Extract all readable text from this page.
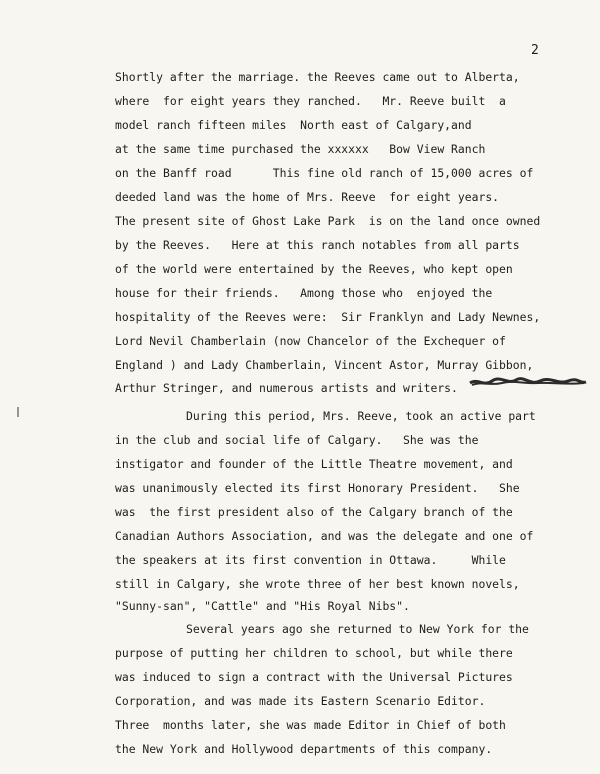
2
Shortly after the marriage. the Reeves came out to Alberta,
where  for eight years they ranched.   Mr. Reeve built  a
model ranch fifteen miles  North east of Calgary,and
at the same time purchased the xxxxxx   Bow View Ranch
on the Banff road      This fine old ranch of 15,000 acres of
deeded land was the home of Mrs. Reeve  for eight years.
The present site of Ghost Lake Park  is on the land once owned
by the Reeves.   Here at this ranch notables from all parts
of the world were entertained by the Reeves, who kept open
house for their friends.   Among those who  enjoyed the
hospitality of the Reeves were:  Sir Franklyn and Lady Newnes,
Lord Nevil Chamberlain (now Chancelor of the Exchequer of
England ) and Lady Chamberlain, Vincent Astor, Murray Gibbon,
Arthur Stringer, and numerous artists and writers.
During this period, Mrs. Reeve, took an active part
in the club and social life of Calgary.   She was the
instigator and founder of the Little Theatre movement, and
was unanimously elected its first Honorary President.   She
was  the first president also of the Calgary branch of the
Canadian Authors Association, and was the delegate and one of
the speakers at its first convention in Ottawa.     While
still in Calgary, she wrote three of her best known novels,
"Sunny-san", "Cattle" and "His Royal Nibs".
Several years ago she returned to New York for the
purpose of putting her children to school, but while there
was induced to sign a contract with the Universal Pictures
Corporation, and was made its Eastern Scenario Editor.
Three  months later, she was made Editor in Chief of both
the New York and Hollywood departments of this company.
